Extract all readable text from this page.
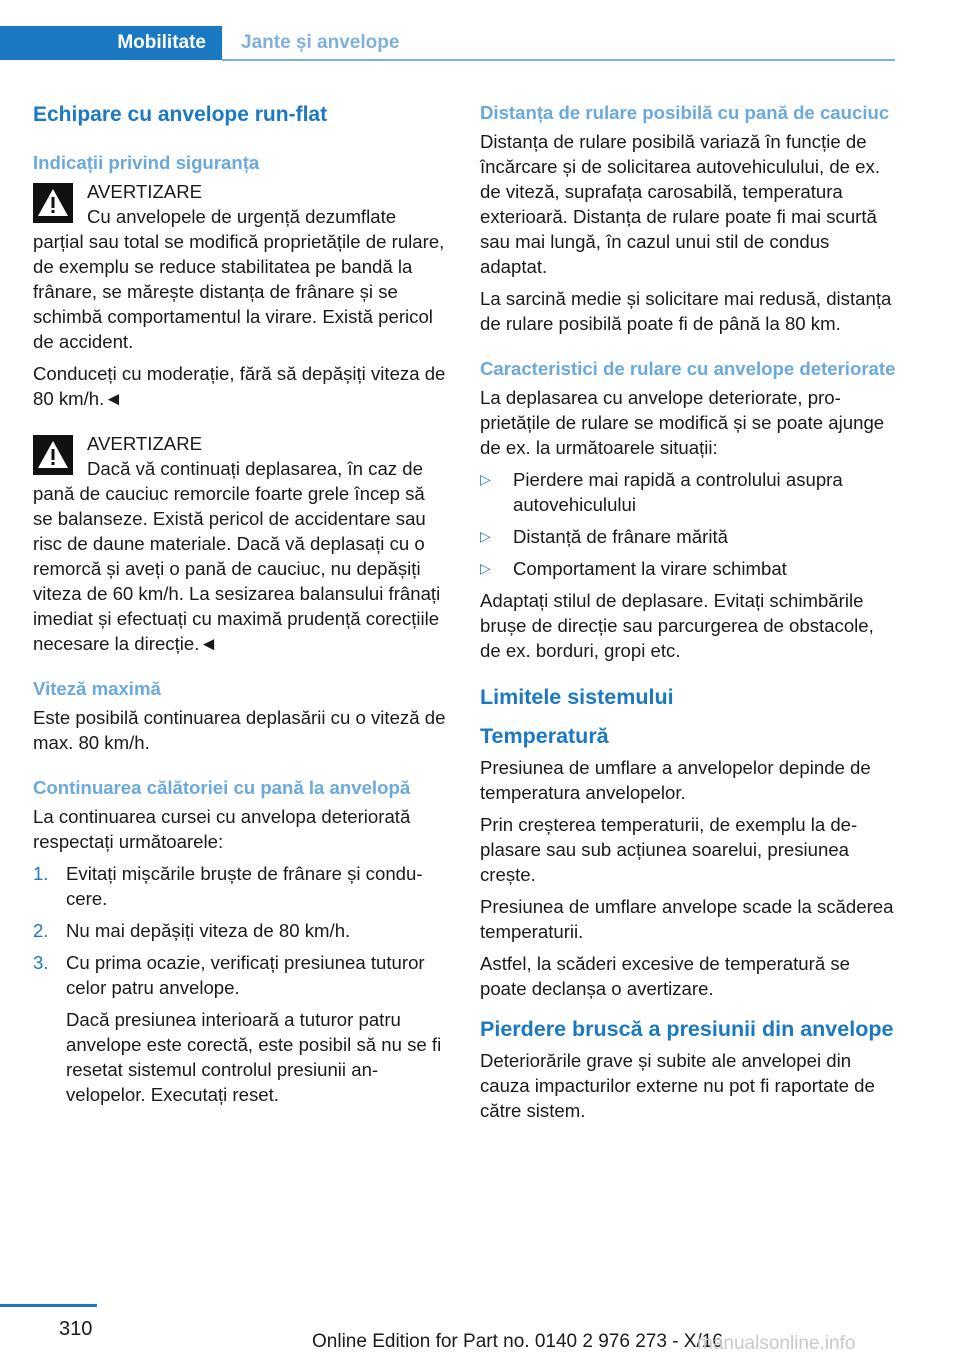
Mobilitate Jante și anvelope
Echipare cu anvelope run-flat
Indicații privind siguranța
AVERTIZARE
Cu anvelopele de urgență dezumflate parțial sau total se modifică proprietățile de rulare, de exemplu se reduce stabilitatea pe bandă la frânare, se mărește distanța de frânare și se schimbă comportamentul la virare. Există pericol de accident.

Conduceți cu moderație, fără să depășiți viteza de 80 km/h.◄

AVERTIZARE
Dacă vă continuați deplasarea, în caz de pană de cauciuc remorcile foarte grele încep să se balanseze. Există pericol de accidentare sau risc de daune materiale. Dacă vă deplasați cu o remorcă și aveți o pană de cauciuc, nu depășiți viteza de 60 km/h. La sesizarea balansului frânați imediat și efectuați cu maximă prudență corecțiile necesare la direcție.◄
Viteză maximă

Este posibilă continuarea deplasării cu o viteză de max. 80 km/h.

Continuarea călătoriei cu pană la anvelopă

La continuarea cursei cu anvelopa deteriorată respectați următoarele:

1. Evitați mișcările bruște de frânare și conducere.
2. Nu mai depășiți viteza de 80 km/h.
3. Cu prima ocazie, verificați presiunea tuturor celor patru anvelope.
Dacă presiunea interioară a tuturor patru anvelope este corectă, este posibil să nu se fi resetat sistemul controlul presiunii anvelopelor. Executați reset.
Distanța de rulare posibilă cu pană de cauciuc

Distanța de rulare posibilă variază în funcție de încărcare și de solicitarea autovehiculului, de ex. de viteză, suprafața carosabilă, temperatura exterioară. Distanța de rulare poate fi mai scurtă sau mai lungă, în cazul unui stil de condus adaptat.

La sarcină medie și solicitare mai redusă, distanța de rulare posibilă poate fi de până la 80 km.

Caracteristici de rulare cu anvelope deteriorate

La deplasarea cu anvelope deteriorate, proprietățile de rulare se modifică și se poate ajunge de ex. la următoarele situații:

▷ Pierdere mai rapidă a controlului asupra autovehiculului
▷ Distanță de frânare mărită
▷ Comportament la virare schimbat

Adaptați stilul de deplasare. Evitați schimbările brușe de direcție sau parcurgerea de obstacole, de ex. borduri, gropi etc.

Limitele sistemului
Temperatură

Presiunea de umflare a anvelopelor depinde de temperatura anvelopelor.

Prin creșterea temperaturii, de exemplu la deplasare sau sub acțiunea soarelui, presiunea crește.

Presiunea de umflare anvelope scade la scăderea temperaturii.

Astfel, la scăderi excesive de temperatură se poate declanșa o avertizare.

Pierdere bruscă a presiunii din anvelope

Deteriorările grave și subite ale anvelopei din cauza impacturilor externe nu pot fi raportate de către sistem.

310
Online Edition for Part no. 0140 2 976 273 - X/16
manualsonline.info
